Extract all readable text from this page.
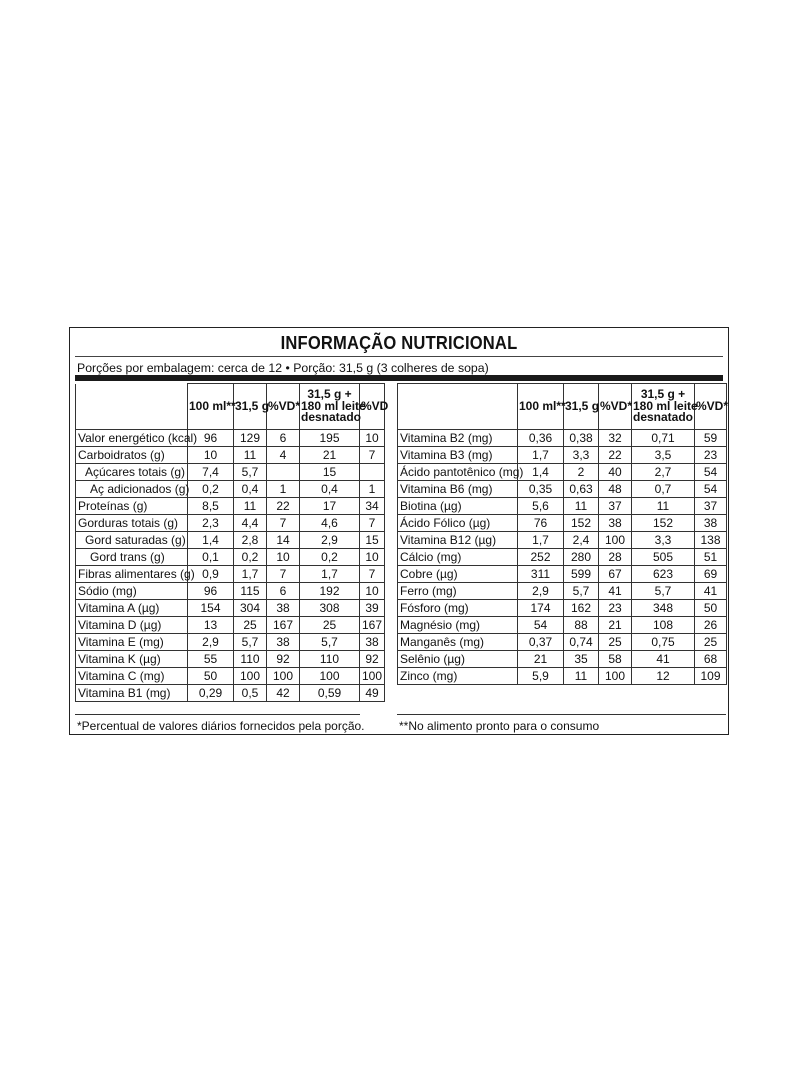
INFORMAÇÃO NUTRICIONAL
Porções por embalagem: cerca de 12 • Porção: 31,5 g (3 colheres de sopa)
	100 ml**	31,5 g	%VD*	31,5 g +
180 ml leite
desnatado	%VD
Valor energético (kcal)	96	129	6	195	10
Carboidratos (g)	10	11	4	21	7
Açúcares totais (g)	7,4	5,7		15	
Aç adicionados (g)	0,2	0,4	1	0,4	1
Proteínas (g)	8,5	11	22	17	34
Gorduras totais (g)	2,3	4,4	7	4,6	7
Gord saturadas (g)	1,4	2,8	14	2,9	15
Gord trans (g)	0,1	0,2	10	0,2	10
Fibras alimentares (g)	0,9	1,7	7	1,7	7
Sódio (mg)	96	115	6	192	10
Vitamina A (µg)	154	304	38	308	39
Vitamina D (µg)	13	25	167	25	167
Vitamina E (mg)	2,9	5,7	38	5,7	38
Vitamina K (µg)	55	110	92	110	92
Vitamina C (mg)	50	100	100	100	100
Vitamina B1 (mg)	0,29	0,5	42	0,59	49
	100 ml**	31,5 g	%VD*	31,5 g +
180 ml leite
desnatado	%VD*
Vitamina B2 (mg)	0,36	0,38	32	0,71	59
Vitamina B3 (mg)	1,7	3,3	22	3,5	23
Ácido pantotênico (mg)	1,4	2	40	2,7	54
Vitamina B6 (mg)	0,35	0,63	48	0,7	54
Biotina (µg)	5,6	11	37	11	37
Ácido Fólico (µg)	76	152	38	152	38
Vitamina B12 (µg)	1,7	2,4	100	3,3	138
Cálcio (mg)	252	280	28	505	51
Cobre (µg)	311	599	67	623	69
Ferro (mg)	2,9	5,7	41	5,7	41
Fósforo (mg)	174	162	23	348	50
Magnésio (mg)	54	88	21	108	26
Manganês (mg)	0,37	0,74	25	0,75	25
Selênio (µg)	21	35	58	41	68
Zinco (mg)	5,9	11	100	12	109
*Percentual de valores diários fornecidos pela porção.	**No alimento pronto para o consumo
